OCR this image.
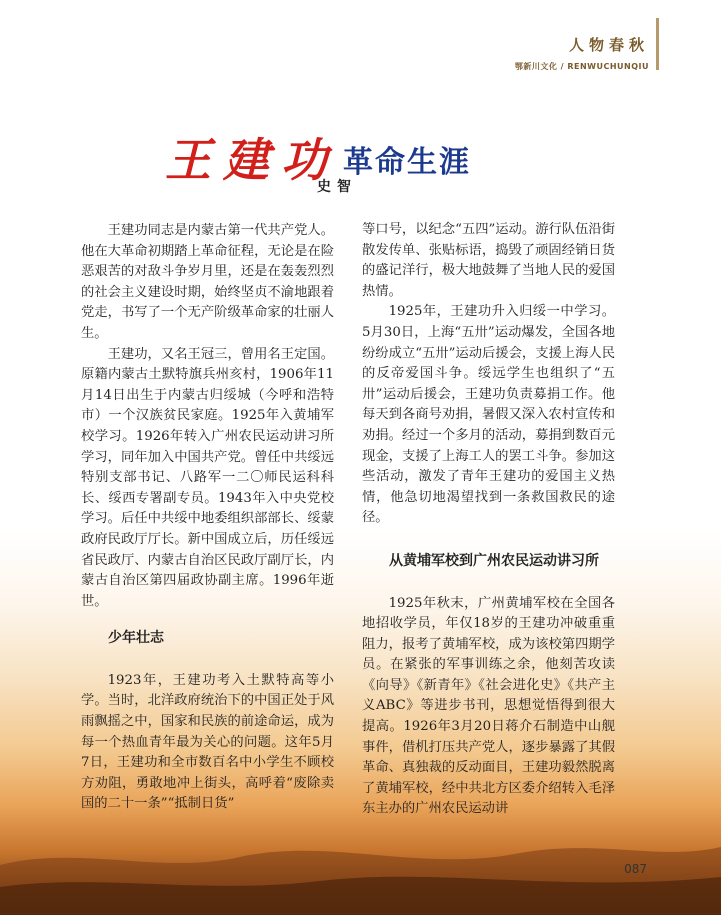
人物春秋
鄂新川文化 / RENWUCHUNQIU
王建功 革命生涯
史智

王建功同志是内蒙古第一代共产党人。他在大革命初期踏上革命征程，无论是在险恶艰苦的对敌斗争岁月里，还是在轰轰烈烈的社会主义建设时期，始终坚贞不渝地跟着党走，书写了一个无产阶级革命家的壮丽人生。

王建功，又名王冠三，曾用名王定国。原籍内蒙古土默特旗兵州亥村，1906年11月14日出生于内蒙古归绥城（今呼和浩特市）一个汉族贫民家庭。1925年入黄埔军校学习。1926年转入广州农民运动讲习所学习，同年加入中国共产党。曾任中共绥远特别支部书记、八路军一二〇师民运科科长、绥西专署副专员。1943年入中央党校学习。后任中共绥中地委组织部部长、绥蒙政府民政厅厅长。新中国成立后，历任绥远省民政厅、内蒙古自治区民政厅副厅长，内蒙古自治区第四届政协副主席。1996年逝世。

少年壮志

1923年，王建功考入土默特高等小学。当时，北洋政府统治下的中国正处于风雨飘摇之中，国家和民族的前途命运，成为每一个热血青年最为关心的问题。这年5月7日，王建功和全市数百名中小学生不顾校方劝阻，勇敢地冲上街头，高呼着“废除卖国的二十一条”“抵制日货”

等口号，以纪念“五四”运动。游行队伍沿街散发传单、张贴标语，捣毁了顽固经销日货的盛记洋行，极大地鼓舞了当地人民的爱国热情。

1925年，王建功升入归绥一中学习。5月30日，上海“五卅”运动爆发，全国各地纷纷成立“五卅”运动后援会，支援上海人民的反帝爱国斗争。绥远学生也组织了“五卅”运动后援会，王建功负责募捐工作。他每天到各商号劝捐，暑假又深入农村宣传和劝捐。经过一个多月的活动，募捐到数百元现金，支援了上海工人的罢工斗争。参加这些活动，激发了青年王建功的爱国主义热情，他急切地渴望找到一条救国救民的途径。

从黄埔军校到广州农民运动讲习所

1925年秋末，广州黄埔军校在全国各地招收学员，年仅18岁的王建功冲破重重阻力，报考了黄埔军校，成为该校第四期学员。在紧张的军事训练之余，他刻苦攻读《向导》《新青年》《社会进化史》《共产主义ABC》等进步书刊，思想觉悟得到很大提高。1926年3月20日蒋介石制造中山舰事件，借机打压共产党人，逐步暴露了其假革命、真独裁的反动面目，王建功毅然脱离了黄埔军校，经中共北方区委介绍转入毛泽东主办的广州农民运动讲

087
